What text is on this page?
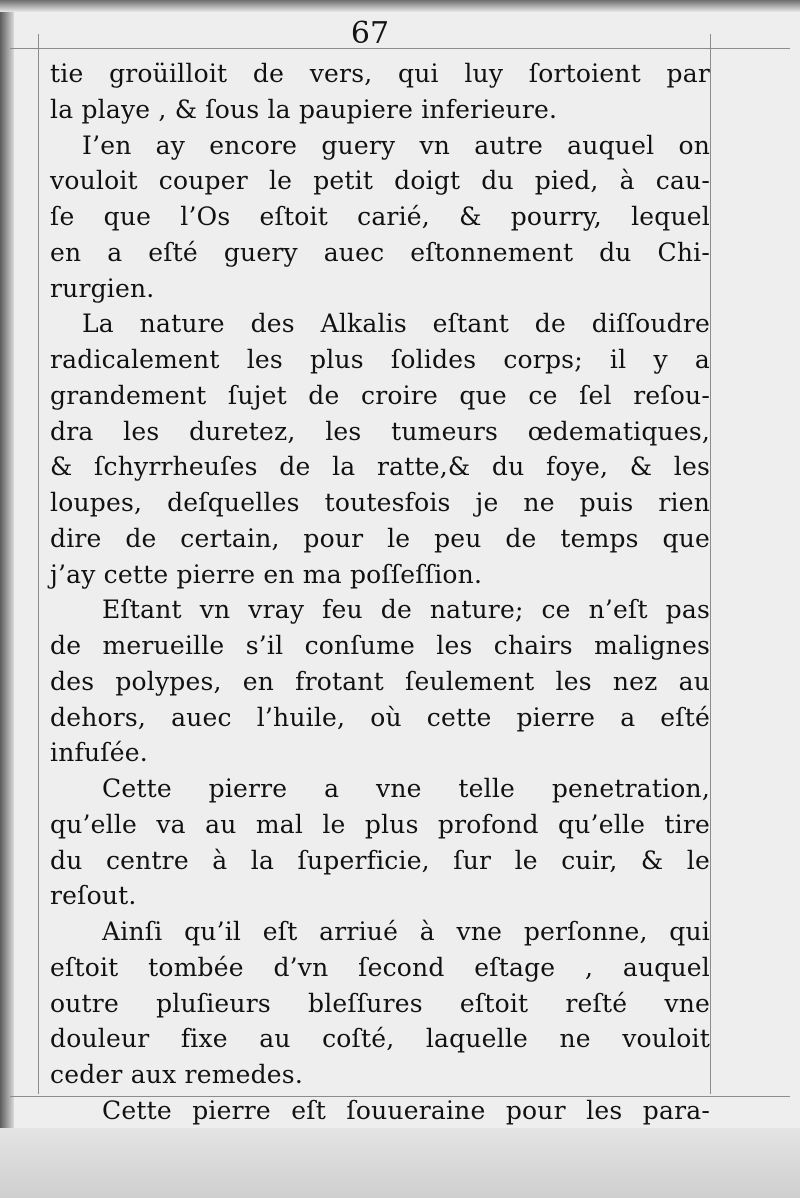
67
tie groüilloit de vers, qui luy ſortoient par
la playe , & ſous la paupiere inferieure.
I’en ay encore guery vn autre auquel on
vouloit couper le petit doigt du pied, à cau-
ſe que l’Os eſtoit carié, & pourry, lequel
en a eſté guery auec eſtonnement du Chi-
rurgien.
La nature des Alkalis eſtant de diſſoudre
radicalement les plus ſolides corps; il y a
grandement ſujet de croire que ce ſel reſou-
dra les duretez, les tumeurs œdematiques,
& ſchyrrheuſes de la ratte,& du foye, & les
loupes, deſquelles toutesfois je ne puis rien
dire de certain, pour le peu de temps que
j’ay cette pierre en ma poſſeſſion.
Eſtant vn vray feu de nature; ce n’eſt pas
de merueille s’il conſume les chairs malignes
des polypes, en frotant ſeulement les nez au
dehors, auec l’huile, où cette pierre a eſté
infuſée.
Cette pierre a vne telle penetration,
qu’elle va au mal le plus profond qu’elle tire
du centre à la ſuperficie, ſur le cuir, & le
reſout.
Ainſi qu’il eſt arriué à vne perſonne, qui
eſtoit tombée d’vn ſecond eſtage , auquel
outre pluſieurs bleſſures eſtoit reſté vne
douleur fixe au coſté, laquelle ne vouloit
ceder aux remedes.
Cette pierre eſt ſouueraine pour les para-
